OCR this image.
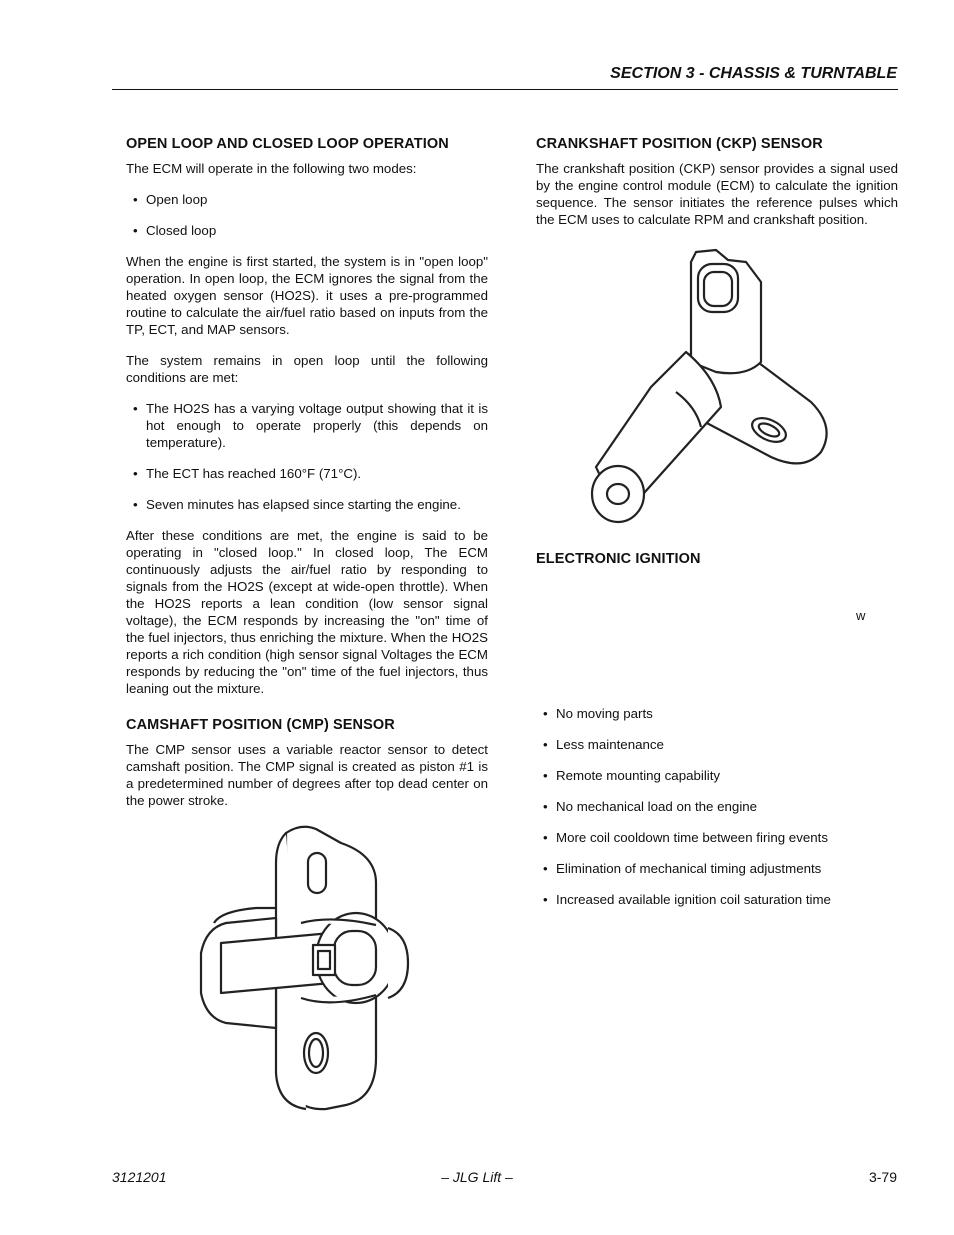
SECTION 3 - CHASSIS & TURNTABLE
OPEN LOOP AND CLOSED LOOP OPERATION

The ECM will operate in the following two modes:

• Open loop
• Closed loop

When the engine is first started, the system is in "open loop" operation. In open loop, the ECM ignores the signal from the heated oxygen sensor (HO2S). it uses a pre-programmed routine to calculate the air/fuel ratio based on inputs from the TP, ECT, and MAP sensors.

The system remains in open loop until the following conditions are met:

• The HO2S has a varying voltage output showing that it is hot enough to operate properly (this depends on temperature).
• The ECT has reached 160°F (71°C).
• Seven minutes has elapsed since starting the engine.

After these conditions are met, the engine is said to be operating in "closed loop." In closed loop, The ECM continuously adjusts the air/fuel ratio by responding to signals from the HO2S (except at wide-open throttle). When the HO2S reports a lean condition (low sensor signal voltage), the ECM responds by increasing the "on" time of the fuel injectors, thus enriching the mixture. When the HO2S reports a rich condition (high sensor signal Voltages the ECM responds by reducing the "on" time of the fuel injectors, thus leaning out the mixture.

CAMSHAFT POSITION (CMP) SENSOR

The CMP sensor uses a variable reactor sensor to detect camshaft position. The CMP signal is created as piston #1 is a predetermined number of degrees after top dead center on the power stroke.

CRANKSHAFT POSITION (CKP) SENSOR

The crankshaft position (CKP) sensor provides a signal used by the engine control module (ECM) to calculate the ignition sequence. The sensor initiates the reference pulses which the ECM uses to calculate RPM and crankshaft position.

ELECTRONIC IGNITION
• No moving parts
• Less maintenance
• Remote mounting capability
• No mechanical load on the engine
• More coil cooldown time between firing events
• Elimination of mechanical timing adjustments
• Increased available ignition coil saturation time
w
3121201	– JLG Lift –	3-79
